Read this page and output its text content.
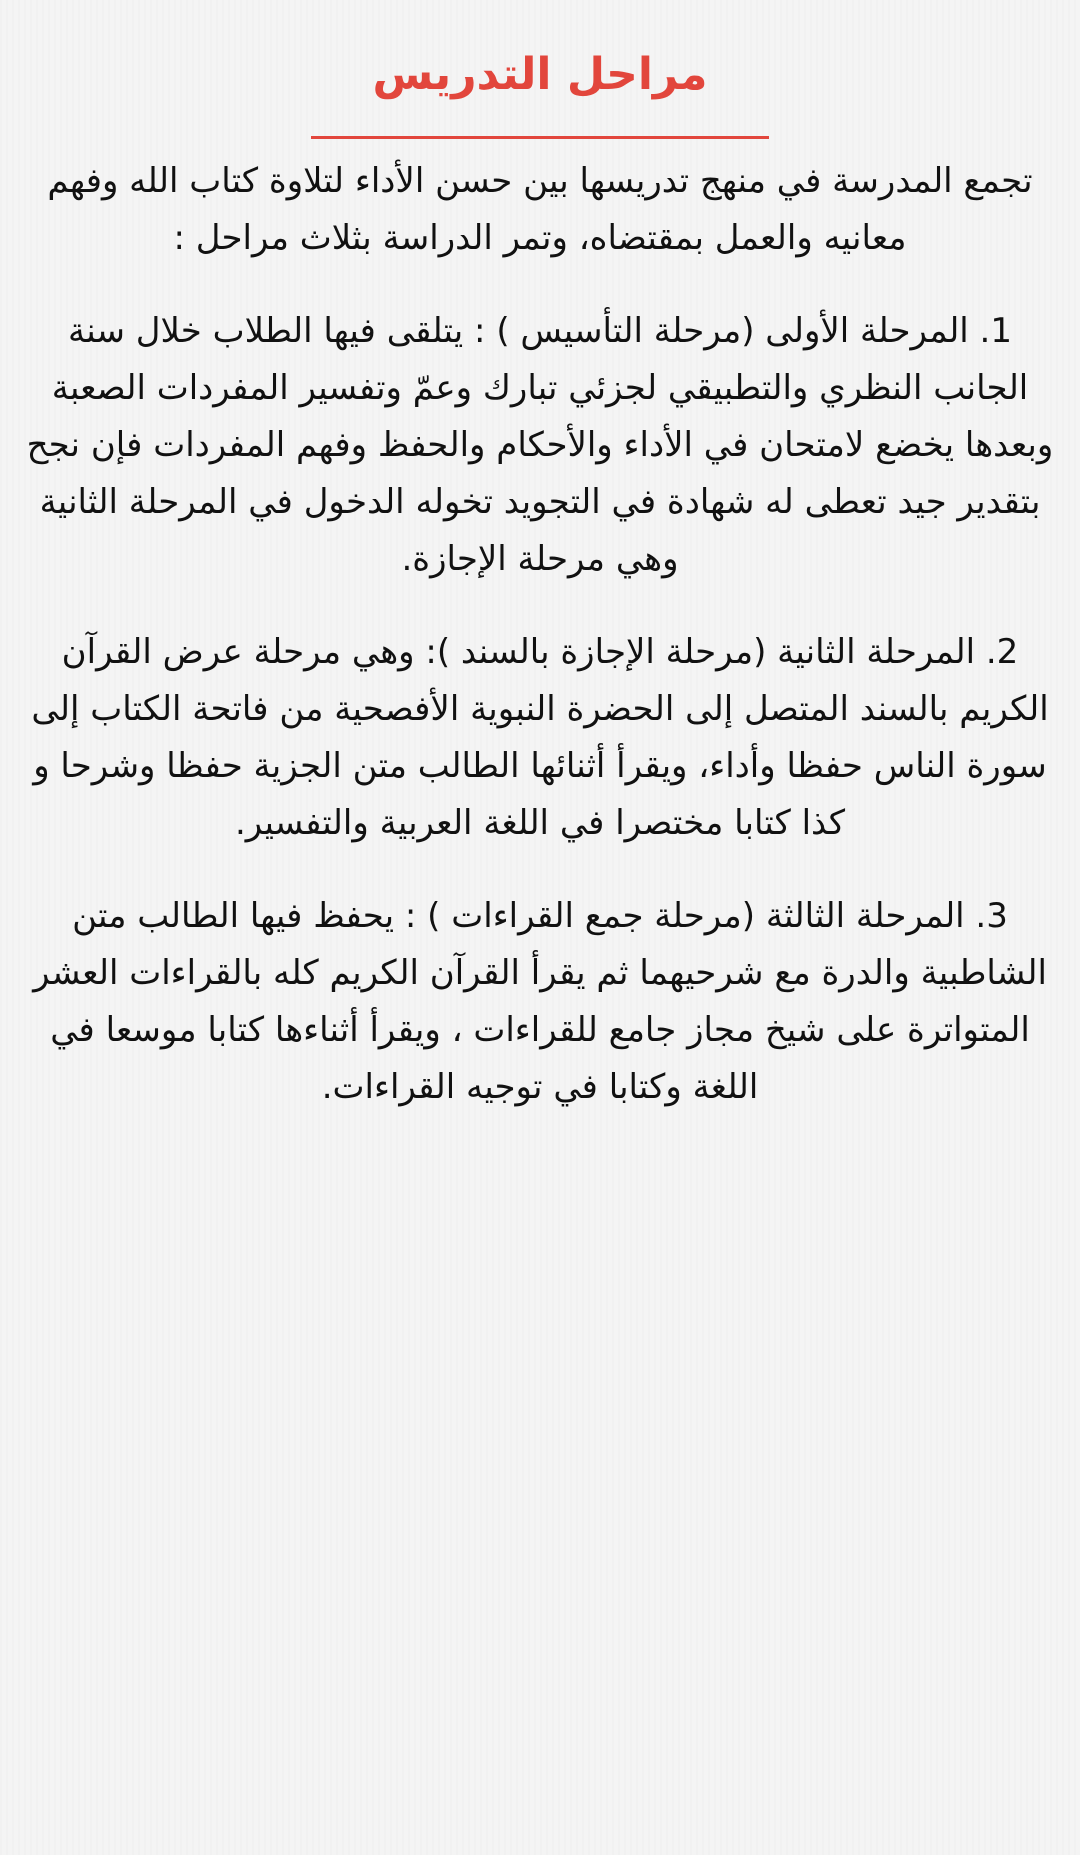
مراحل التدريس

تجمع المدرسة في منهج تدريسها بين حسن الأداء لتلاوة كتاب الله وفهم معانيه والعمل بمقتضاه، وتمر الدراسة بثلاث مراحل :

1. المرحلة الأولى (مرحلة التأسيس ) : يتلقى فيها الطلاب خلال سنة الجانب النظري والتطبيقي لجزئي تبارك وعمّ وتفسير المفردات الصعبة وبعدها يخضع لامتحان في الأداء والأحكام والحفظ وفهم المفردات فإن نجح بتقدير جيد تعطى له شهادة في التجويد تخوله الدخول في المرحلة الثانية وهي مرحلة الإجازة.

2. المرحلة الثانية (مرحلة الإجازة بالسند ): وهي مرحلة عرض القرآن الكريم بالسند المتصل إلى الحضرة النبوية الأفصحية من فاتحة الكتاب إلى سورة الناس حفظا وأداء، ويقرأ أثنائها الطالب متن الجزية حفظا وشرحا و كذا كتابا مختصرا في اللغة العربية والتفسير.

3. المرحلة الثالثة (مرحلة جمع القراءات ) : يحفظ فيها الطالب متن الشاطبية والدرة مع شرحيهما ثم يقرأ القرآن الكريم كله بالقراءات العشر المتواترة على شيخ مجاز جامع للقراءات ، ويقرأ أثناءها كتابا موسعا في اللغة وكتابا في توجيه القراءات.
